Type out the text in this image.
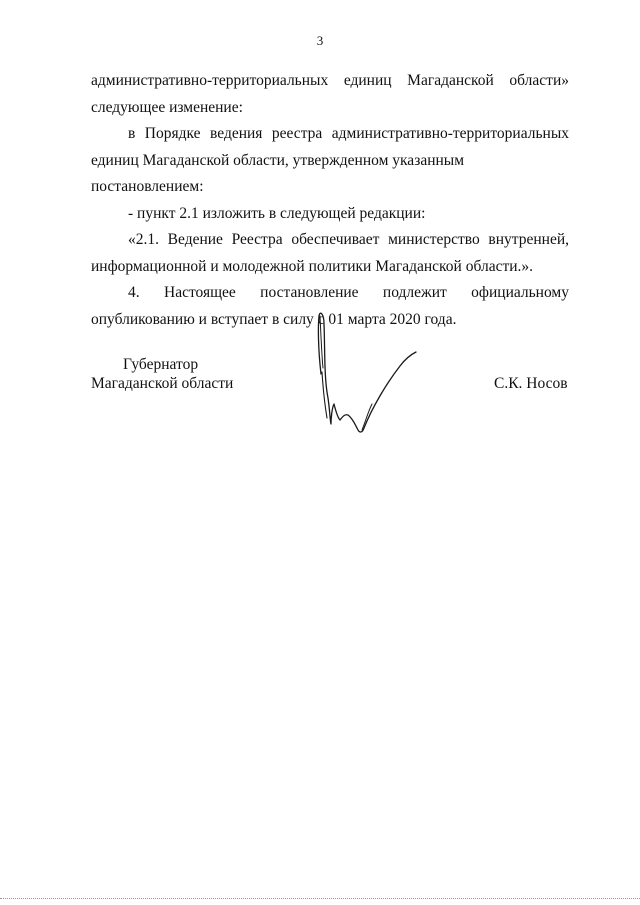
3
административно-территориальных единиц Магаданской области»
следующее изменение:
в Порядке ведения реестра административно-территориальных
единиц Магаданской области, утвержденном указанным постановлением:
- пункт 2.1 изложить в следующей редакции:
«2.1. Ведение Реестра обеспечивает министерство внутренней,
информационной и молодежной политики Магаданской области.».
4. Настоящее постановление подлежит официальному
опубликованию и вступает в силу с 01 марта 2020 года.
Губернатор
Магаданской области	С.К. Носов
